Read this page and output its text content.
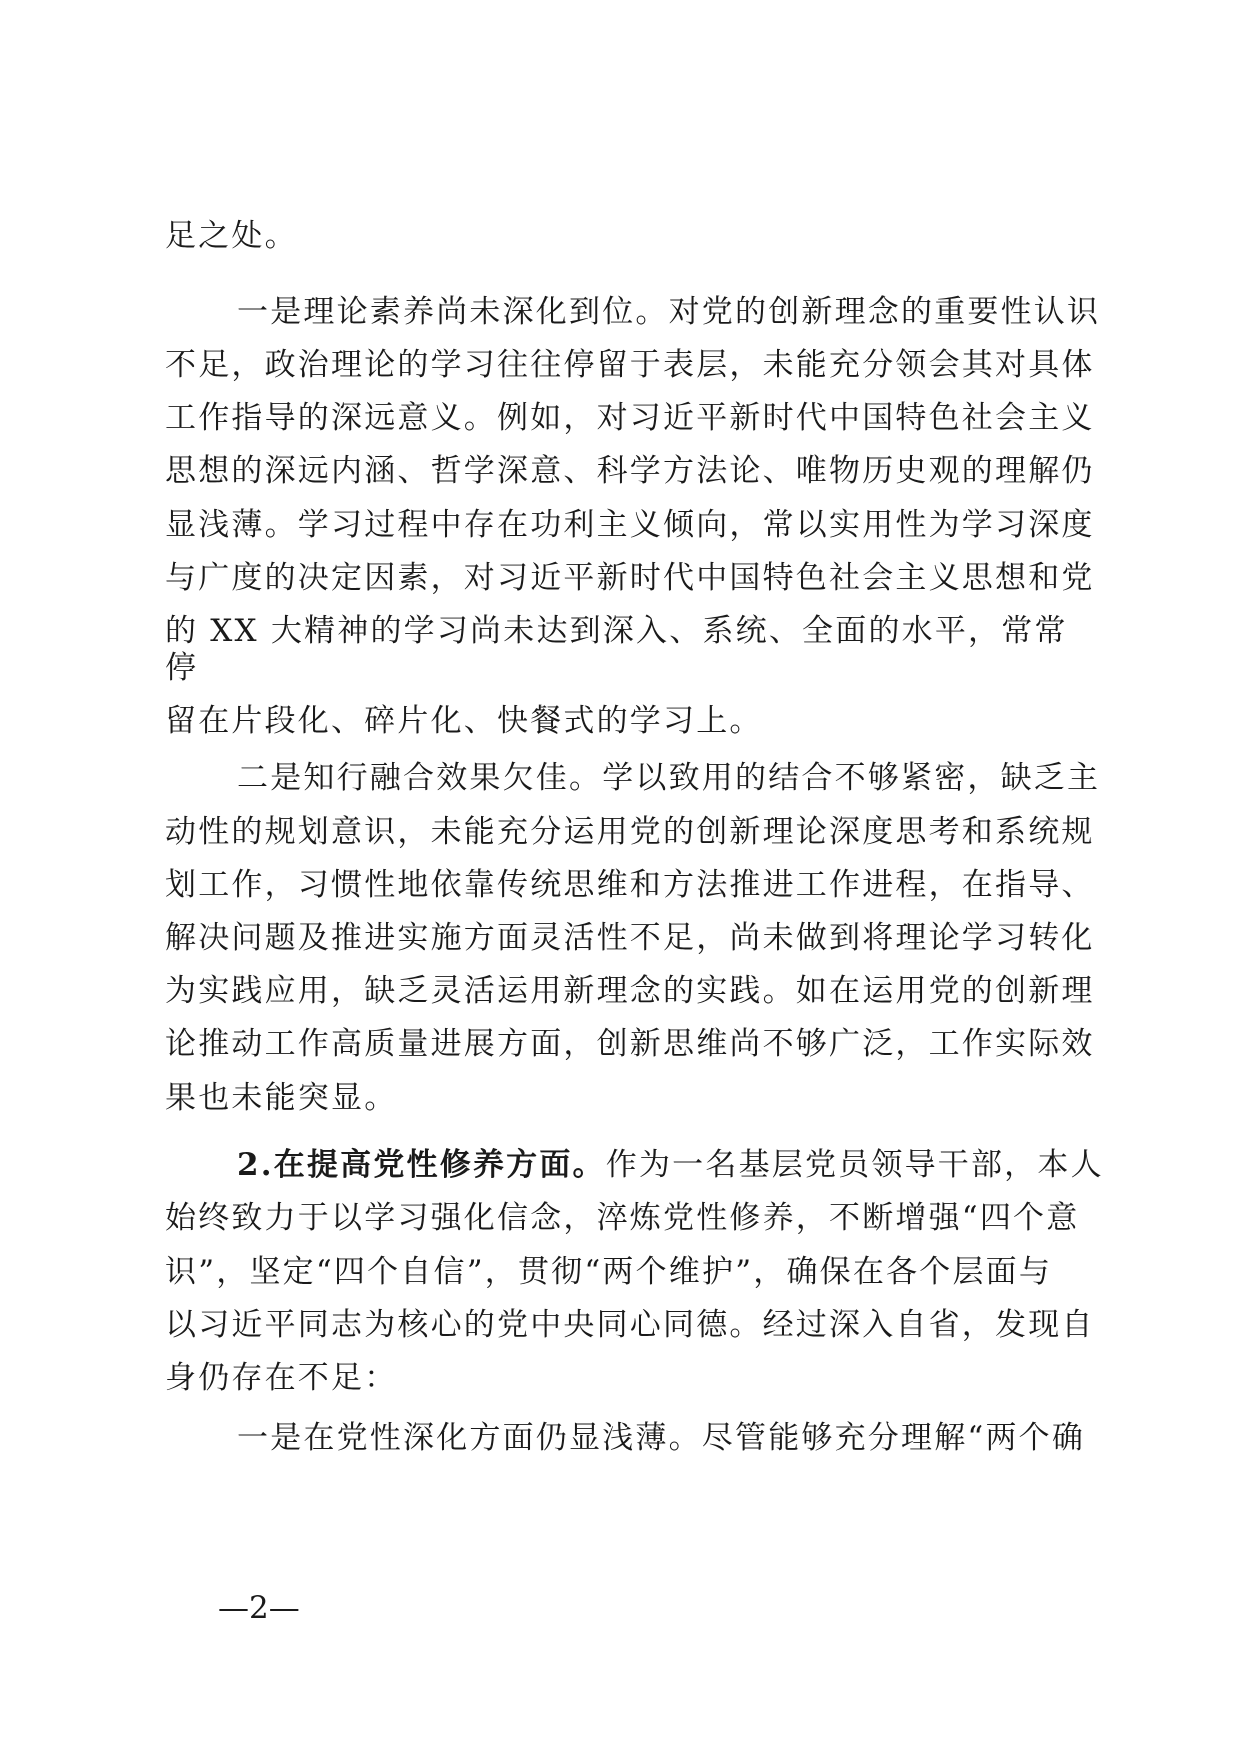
足之处。
一是理论素养尚未深化到位。对党的创新理念的重要性认识
不足，政治理论的学习往往停留于表层，未能充分领会其对具体
工作指导的深远意义。例如，对习近平新时代中国特色社会主义
思想的深远内涵、哲学深意、科学方法论、唯物历史观的理解仍
显浅薄。学习过程中存在功利主义倾向，常以实用性为学习深度
与广度的决定因素，对习近平新时代中国特色社会主义思想和党
的 XX 大精神的学习尚未达到深入、系统、全面的水平，常常
停
留在片段化、碎片化、快餐式的学习上。
二是知行融合效果欠佳。学以致用的结合不够紧密，缺乏主
动性的规划意识，未能充分运用党的创新理论深度思考和系统规
划工作，习惯性地依靠传统思维和方法推进工作进程，在指导、
解决问题及推进实施方面灵活性不足，尚未做到将理论学习转化
为实践应用，缺乏灵活运用新理念的实践。如在运用党的创新理
论推动工作高质量进展方面，创新思维尚不够广泛，工作实际效
果也未能突显。
2.在提高党性修养方面。作为一名基层党员领导干部，本人
始终致力于以学习强化信念，淬炼党性修养，不断增强“四个意
识”，坚定“四个自信”，贯彻“两个维护”，确保在各个层面与
以习近平同志为核心的党中央同心同德。经过深入自省，发现自
身仍存在不足：
一是在党性深化方面仍显浅薄。尽管能够充分理解“两个确
—2—
